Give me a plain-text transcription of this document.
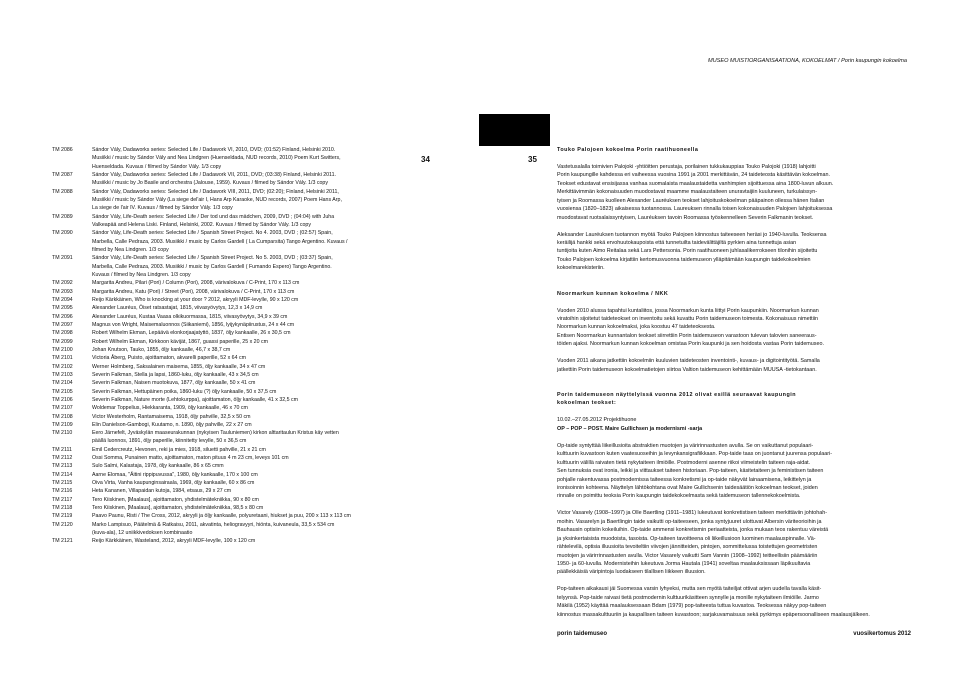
MUSEO MUISTIORGANISAATIONA, KOKOELMAT / Porin kaupungin kokoelma
34	35
TM 2086	Sándor Vály, Dadaworks series: Selected Life / Dadawork VI, 2010, DVD; (01:52) Finland, Helsinki 2010.
Musiikki / music by Sándor Vály and Nea Lindgren (Huenseldada, NUD records, 2010) Poem Kurt Switters,
Huenseldada. Kuvaus / filmed by Sándor Vály. 1/3 copy
TM 2087	Sándor Vály, Dadaworks series: Selected Life / Dadawork VII, 2011, DVD; (03:38) Finland, Helsinki 2011.
Musiikki / music by Jo Basile and orchestra (Jalouse, 1959). Kuvaus / filmed by Sándor Vály. 1/3 copy
TM 2088	Sándor Vály, Dadaworks series: Selected Life / Dadawork VIII, 2011, DVD; (02:20); Finland, Helsinki 2011,
Musiikki / music by Sándor Vály (La siege del'air I, Hans Arp Karaoke, NUD records, 2007) Poem Hans Arp,
La siege de l'air IV. Kuvaus / filmed by Sándor Vály. 1/3 copy
TM 2089	Sándor Vály, Life-Death series: Selected Life / Der tod und das mädchen, 2009, DVD ; (04:04) with Juha
Valkeapää and Helena Liski. Finland, Helsinki, 2002. Kuvaus / filmed by Sándor Vály. 1/3 copy
TM 2090	Sándor Vály, Life-Death series: Selected Life / Spanish Street Project. No 4. 2003, DVD ; (02:57) Spain,
Marbella, Calle Pedraza, 2003. Musiikki / music by Carlos Gardell ( La Cumparsita) Tango Argentino. Kuvaus /
filmed by Nea Lindgren. 1/3 copy
TM 2091	Sándor Vály, Life-Death series: Selected Life / Spanish Street Project. No 5. 2003, DVD ; (03:37) Spain,
Marbella, Calle Pedraza, 2003. Musiikki / music by Carlos Gardell ( Fumando Espero) Tango Argentino.
Kuvaus / filmed by Nea Lindgren. 1/3 copy
TM 2092	Margarita Andreu, Pilari (Pori) / Column (Pori), 2008, värivalokuva / C-Print, 170 x 113 cm
TM 2093	Margarita Andreu, Katu (Pori) / Street (Pori), 2008, värivalokuva / C-Print, 170 x 113 cm
TM 2094	Reijo Kärkkäinen, Who is knocking at your door ? 2012, akryyli MDF-levylle, 90 x 120 cm
TM 2095	Alexander Lauréus, Öiset ratsastajat, 1815, viivasyövytys, 12,3 x 14,9 cm
TM 2096	Alexander Lauréus, Kustaa Vaasa olkikuormassa, 1815, viivasyövytys, 34,9 x 39 cm
TM 2097	Magnus von Wright, Maisemaluonnos (Siikaniemi), 1856, lyijykynäpiirustus, 24 x 44 cm
TM 2098	Robert Wilhelm Ekman, Lepäävä elonkorjaajatyttö, 1837, öljy kankaalle, 26 x 30,5 cm
TM 2099	Robert Wilhelm Ekman, Kirkkoon kävijät, 1867, guassi paperille, 25 x 20 cm
TM 2100	Johan Knutson, Tauko, 1855, öljy kankaalle, 46,7 x 38,7 cm
TM 2101	Victoria Åberg, Puisto, ajoittamaton, akvarelli paperille, 52 x 64 cm
TM 2102	Werner Holmberg, Saksalainen maisema, 1855, öljy kankaalle, 34 x 47 cm
TM 2103	Severin Falkman, Stella ja lapsi, 1860-luku, öljy kankaalle, 43 x 34,5 cm
TM 2104	Severin Falkman, Naisen muotokuva, 1877, öljy kankaalle, 50 x 41 cm
TM 2105	Severin Falkman, Hettupäinen poika, 1860-luku (?) öljy kankaalle, 50 x 37,5 cm
TM 2106	Severin Falkman, Nature morte (Lehtokurppa), ajoittamaton, öljy kankaalle, 41 x 32,5 cm
TM 2107	Woldemar Toppelius, Hiekkaranta, 1909, öljy kankaalle, 46 x 70 cm
TM 2108	Victor Westerholm, Rantamaisema, 1918, öljy pahville, 32,5 x 50 cm
TM 2109	Elin Danielson-Gambogi, Kuutamo, n. 1890, öljy pahville, 22 x 27 cm
TM 2110	Eero Järnefelt, Jyväskylän maaseurakunnan (nykyisen Tauluniemen) kirkon alttaritaulun Kristus käy vetten
päällä luonnos, 1891, öljy paperille, kiinnitetty levylle, 50 x 36,5 cm
TM 2111	Emil Cedercreutz, Hevonen, reki ja mies, 1918, siluetti pahville, 21 x 21 cm
TM 2112	Ossi Somma, Punainen matto, ajoittamaton, maton pituus 4 m 23 cm, leveys 101 cm
TM 2113	Sulo Salmi, Kalastaja, 1978, öljy kankaalle, 86 x 65 cmm
TM 2114	Aarne Elomaa, "Äitini rippipuvussa", 1980, öljy kankaalle, 170 x 100 cm
TM 2115	Oiva Virta, Vanha kaupunginsairaala, 1969, öljy kankaalle, 60 x 86 cm
TM 2116	Heta Kananen, Villapaidan kutoja, 1984, etsaus, 29 x 27 cm
TM 2117	Tero Kiiskinen, [Maalaus], ajoittamaton, yhdistelmätekniikka, 90 x 80 cm
TM 2118	Tero Kiiskinen, [Maalaus], ajoittamaton, yhdistelmätekniikka, 98,5 x 80 cm
TM 2119	Paavo Paunu, Risti / The Cross, 2012, akryyli ja öljy kankaalle, polyuretaani, hiukset ja puu, 200 x 113 x 113 cm
TM 2120	Marko Lampisuo, Päätelmä & Ratkaisu, 2011, akvatinta, heliogravyyri, hiönta, kuivaneula, 33,5 x 534 cm
(kuva-ala), 12 uniikkivedoksen kombinaatio
TM 2121	Reijo Kärkkäinen, Wasteland, 2012, akryyli MDF-levylle, 100 x 120 cm
Touko Palojoen kokoelma Porin raatihuoneella

Vastetusalalla toimivien Palojoki -yhtiöitten perustaja, porilainen tukkukauppias Touko Palojoki (1918) lahjoitti
Porin kaupungille kahdessa eri vaiheessa vuosina 1991 ja 2001 merkittävän, 24 taideteosta käsittävän kokoelman.
Teokset edustavat ensisijassa vanhaa suomalaista maalaustaidetta vanhimpien sijoittuessa aina 1800-luvun alkuun.
Merkittävimmän kokonaisuuden muodostavat maamme maalaustaiteen unuravtaijiin kuuluneen, turkulaissyn-
tyisen ja Roomassa kuolleen Alexander Lauréuksen teokset lahjoituskokoelman pääpainon ollessa hänen Italian
vuosiensa (1820–1823) aikaisessa tuotannossa. Laureuksen rinnalla toisen kokonaisuuden Palojoen lahjoituksessa
muodostavat ruotsalaissyntyisen, Lauréuksen tavoin Roomassa työskennelleen Severin Falkmanin teokset.

Aleksander Lauréuksen tuotannon myötä Touko Palojoen kiinnostus taiteeseen heräsi jo 1940-luvulla. Teoksensa
keräilijä hankki sekä ervohuutokaupoista että tunnetuilta taidevälittäjiltä pyrkien aina tunnettuja asian
tuntijoita kuten Aimo Reitalaa sekä Lars Pettersonia. Porin raatihuoneen juhlasalikerrokseen tilonihin sijoitettu
Touko Palojoen kokoelma kirjattiin kertomusvuonna taidemuseon ylläpitämään kaupungin taidekokoelmien
kokoelmarekisteriin.

Noormarkun kunnan kokoelma / NKK

Vuoden 2010 alussa tapahtui kuntaliitos, jossa Noormarkun kunta liittyi Porin kaupunkiin. Noormarkun kunnan
viratoihin sijoitetut taideteokset on inventoitu sekä kuvattu Porin taidemuseon toimesta. Kokonaisuus nimettiin
Noormarkun kunnan kokoelmaksi, joka koostuu 47 taideteoksesta.
Entisen Noormarkun kunnantalon teokset siirrettiin Porin taidemuseon varastoon tulevan talovien saneeraus-
töiden ajaksi. Noormarkun kunnan kokoelman omistaa Porin kaupunki ja sen hoidosta vastaa Porin taidemuseo.

Vuoden 2011 aikana jatkettiin kokoelmiin kuuluvien taideteosten inventointi-, kuvaus- ja digitointityötä. Samalla
jatkettiin Porin taidemuseon kokoelmatietojen siirtoa Valtion taidemuseon kehittämään MUUSA -tietokantaan.

Porin taidemuseon näyttelyissä vuonna 2012 olivat esillä seuraavat kaupungin
kokoelman teokset:
10.02.–27.05.2012 Projektihuone
OP – POP – POST. Maire Gullichsen ja modernismi -sarja

Op-taide syntyttää liikeillusioita abstraktien muotojen ja väririnnastusten avulla. Se on vaikuttanut populaari-
kulttuurin kuvastoon kuten vaatesuoseihin ja levynkansigrafiikkaan. Pop-taide taas on juontanut juurensa populaari-
kulttuurin välillä raivaten tietä nykytaiteen ilmiöille. Postmoderni asenne riikoi viimeistelin taiteen raja-aidat.
Sen tunnuksia ovat ironia, leikki ja viittaukset taiteen historiaan. Pop-taiteen, käsitetaiteen ja feministisen taiteen
pohjalle rakentuvassa postmodernissa taiteessa konkretismi ja op-taide näkyvät lainaamisena, leikittelyn ja
ironisoinnin kohteena. Näyttelyn lähtökohtana ovat Maire Gullichsenin taidesäätiön kokoelman teokset, joiden
rinnalle on poimittu teoksia Porin kaupungin taidekokoelmasta sekä taidemuseon tallennekokoelmista.

Victor Vasarely (1908–1997) ja Olle Baertling (1911–1981) lukeutuvat konkretistisen taiteen merkittäviin johtohah-
moihin. Vasarelyn ja Baertlingin taide vaikutti op-taiteeseen, jonka syntyjuuret ulottuvat Albersin väriteorioihin ja
Bauhausin optisiin kokeiluihin. Op-taide ammensi konkretismin periaatteista, jonka mukaan teos rakentuu väreistä
ja yksinkertaisista muodoista, tasoista. Op-taiteen tavoitteena oli liikeillusioon luominen maalauspinnalle. Vä-
rähtelevilä, optisia illuusioita tevoiteltiin viivojen jännitteiden, pintojen, sommittelussa toistettujen geometristen
muotojen ja värirrinnastusten avulla. Victor Vasarely vaikutti Sam Vannin (1908–1992) teitteellisiin päämääriin
1950- ja 60-luvulla. Modernisteihin lukeutuva Jorma Hautala (1941) soveltaa maalauksissaan läpikuultavia
päällekkäisiä väripintoja luodakseen tilallisen liikkeen illuusion.

Pop-taiteen aikakausi jäi Suomessa varsin lyhyeksi, mutta sen myötä taiteiljat ottivat arjen uudella tavalla käsit-
telyynsä. Pop-taide raivasi tietä postmodernin kulttuurikäsitteen synnylle ja monille nykytaiteen ilmiöille. Jarmo
Mäkilä (1952) käyttää maalauksessaan Bdam (1979) pop-taiteesta tuttua kuvastoa. Teoksessa näkyy pop-taiteen
kiinnostus massakulttuuriin ja kaupallisen taiteen kuvastoon; sarjakuvamaisuus sekä pyrkimys epäpersoonalliseen maalausjälkeen.

porin taidemuseo	vuosikertomus 2012
